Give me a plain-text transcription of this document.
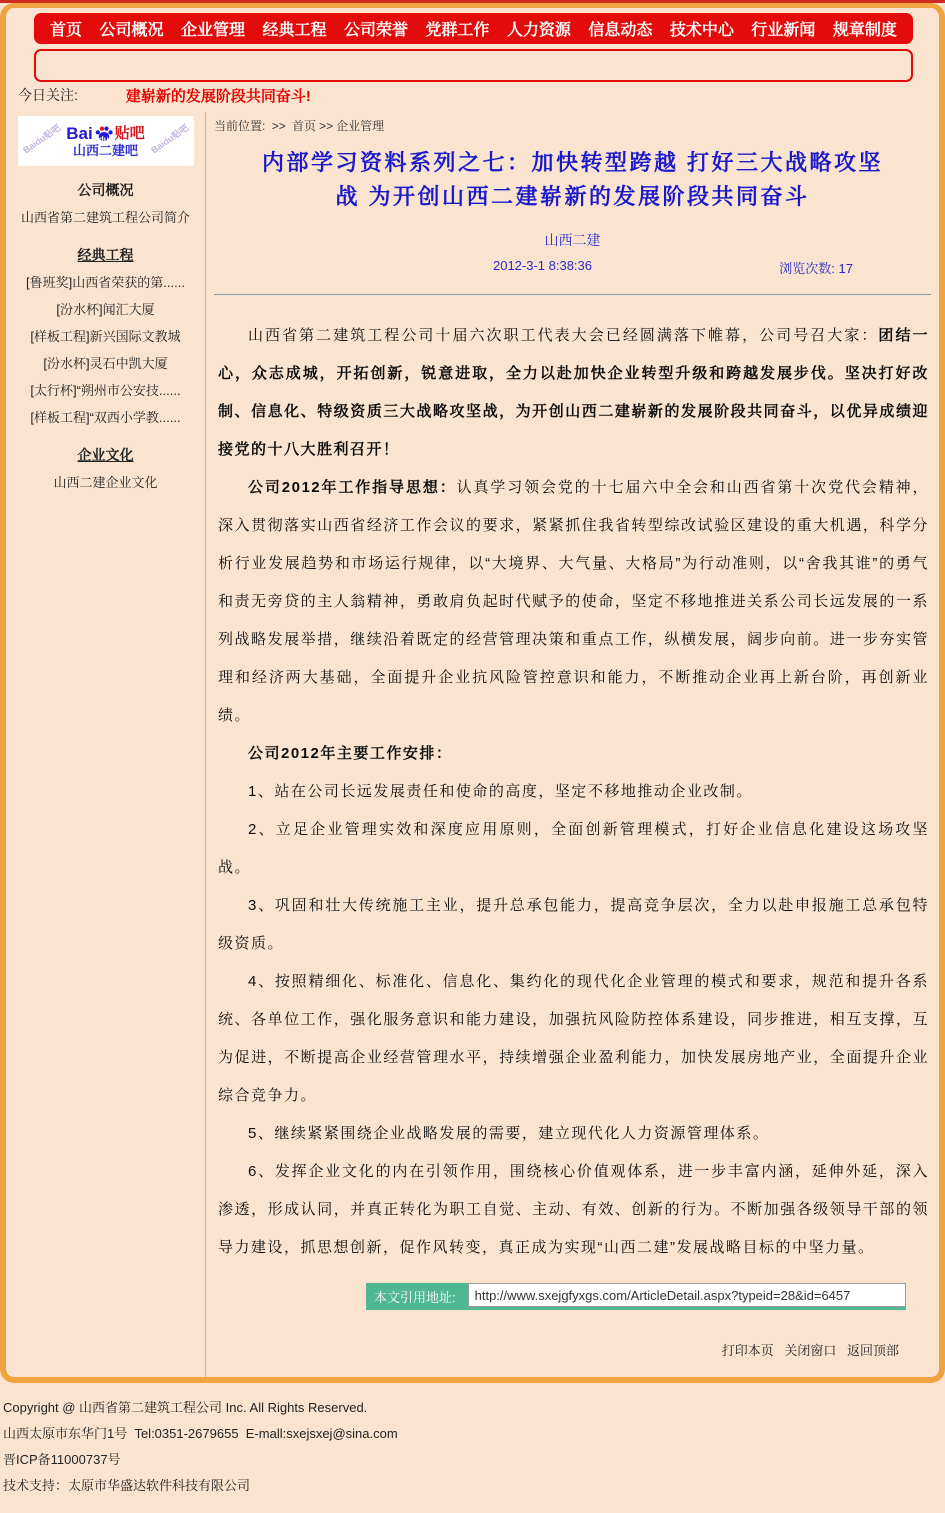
首页 公司概况 企业管理 经典工程 公司荣誉 党群工作 人力资源 信息动态 技术中心 行业新闻 规章制度
今日关注:	建崭新的发展阶段共同奋斗!
Baidu贴吧	Baidu贴吧
Bai du 贴吧
山西二建吧
公司概况
山西省第二建筑工程公司简介
经典工程
[鲁班奖]山西省荣获的第......
[汾水杯]闻汇大厦
[样板工程]新兴国际文教城
[汾水杯]灵石中凯大厦
[太行杯]“朔州市公安技......
[样板工程]“双西小学教......
企业文化
山西二建企业文化
当前位置: >> 首页 >> 企业管理
内部学习资料系列之七：加快转型跨越 打好三大战略攻坚战 为开创山西二建崭新的发展阶段共同奋斗
山西二建
2012-3-1 8:38:36	浏览次数: 17

山西省第二建筑工程公司十届六次职工代表大会已经圆满落下帷幕，公司号召大家：团结一心，众志成城，开拓创新，锐意进取，全力以赴加快企业转型升级和跨越发展步伐。坚决打好改制、信息化、特级资质三大战略攻坚战，为开创山西二建崭新的发展阶段共同奋斗，以优异成绩迎接党的十八大胜利召开！

公司2012年工作指导思想：认真学习领会党的十七届六中全会和山西省第十次党代会精神，深入贯彻落实山西省经济工作会议的要求，紧紧抓住我省转型综改试验区建设的重大机遇，科学分析行业发展趋势和市场运行规律，以“大境界、大气量、大格局”为行动准则，以“舍我其谁”的勇气和责无旁贷的主人翁精神，勇敢肩负起时代赋予的使命，坚定不移地推进关系公司长远发展的一系列战略发展举措，继续沿着既定的经营管理决策和重点工作，纵横发展，阔步向前。进一步夯实管理和经济两大基础，全面提升企业抗风险管控意识和能力，不断推动企业再上新台阶，再创新业绩。

公司2012年主要工作安排：

1、站在公司长远发展责任和使命的高度，坚定不移地推动企业改制。

2、立足企业管理实效和深度应用原则，全面创新管理模式，打好企业信息化建设这场攻坚战。

3、巩固和壮大传统施工主业，提升总承包能力，提高竞争层次，全力以赴申报施工总承包特级资质。

4、按照精细化、标准化、信息化、集约化的现代化企业管理的模式和要求，规范和提升各系统、各单位工作，强化服务意识和能力建设，加强抗风险防控体系建设，同步推进，相互支撑，互为促进，不断提高企业经营管理水平，持续增强企业盈利能力，加快发展房地产业，全面提升企业综合竞争力。

5、继续紧紧围绕企业战略发展的需要，建立现代化人力资源管理体系。

6、发挥企业文化的内在引领作用，围绕核心价值观体系，进一步丰富内涵，延伸外延，深入渗透，形成认同，并真正转化为职工自觉、主动、有效、创新的行为。不断加强各级领导干部的领导力建设，抓思想创新，促作风转变，真正成为实现“山西二建”发展战略目标的中坚力量。

本文引用地址:
http://www.sxejgfyxgs.com/ArticleDetail.aspx?typeid=28&id=6457
打印本页 关闭窗口 返回顶部
Copyright @ 山西省第二建筑工程公司 Inc. All Rights Reserved.
山西太原市东华门1号  Tel:0351-2679655  E-mall:sxejsxej@sina.com
晋ICP备11000737号
技术支持：太原市华盛达软件科技有限公司
